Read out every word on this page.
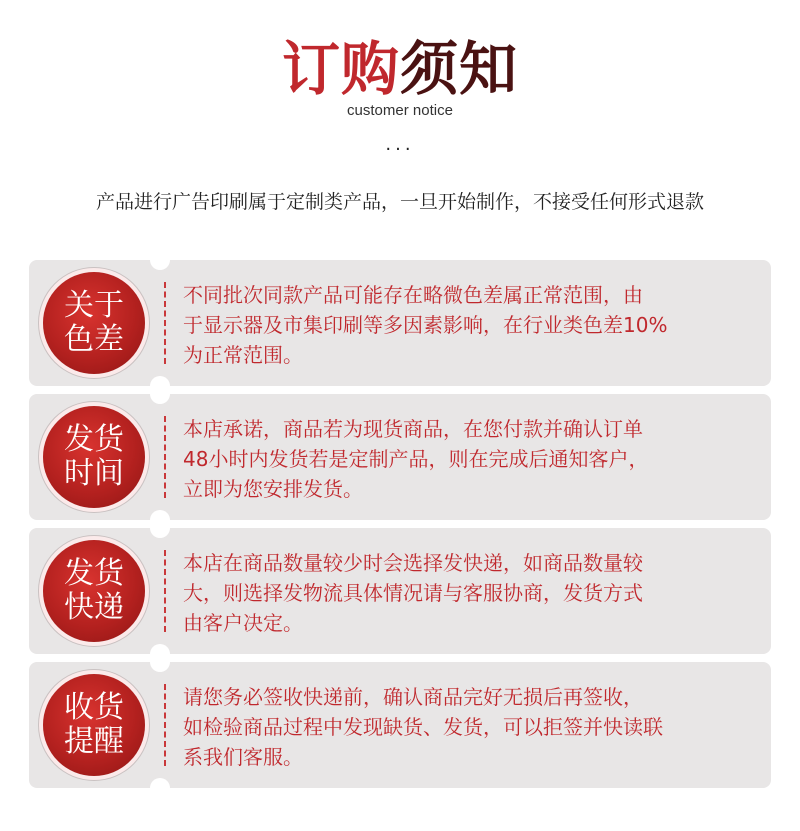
订购须知
customer notice
...
产品进行广告印刷属于定制类产品，一旦开始制作，不接受任何形式退款
关于
色差
不同批次同款产品可能存在略微色差属正常范围，由
于显示器及市集印刷等多因素影响，在行业类色差10%
为正常范围。
发货
时间
本店承诺，商品若为现货商品，在您付款并确认订单
48小时内发货若是定制产品，则在完成后通知客户，
立即为您安排发货。
发货
快递
本店在商品数量较少时会选择发快递，如商品数量较
大，则选择发物流具体情况请与客服协商，发货方式
由客户决定。
收货
提醒
请您务必签收快递前，确认商品完好无损后再签收，
如检验商品过程中发现缺货、发货，可以拒签并快读联
系我们客服。
